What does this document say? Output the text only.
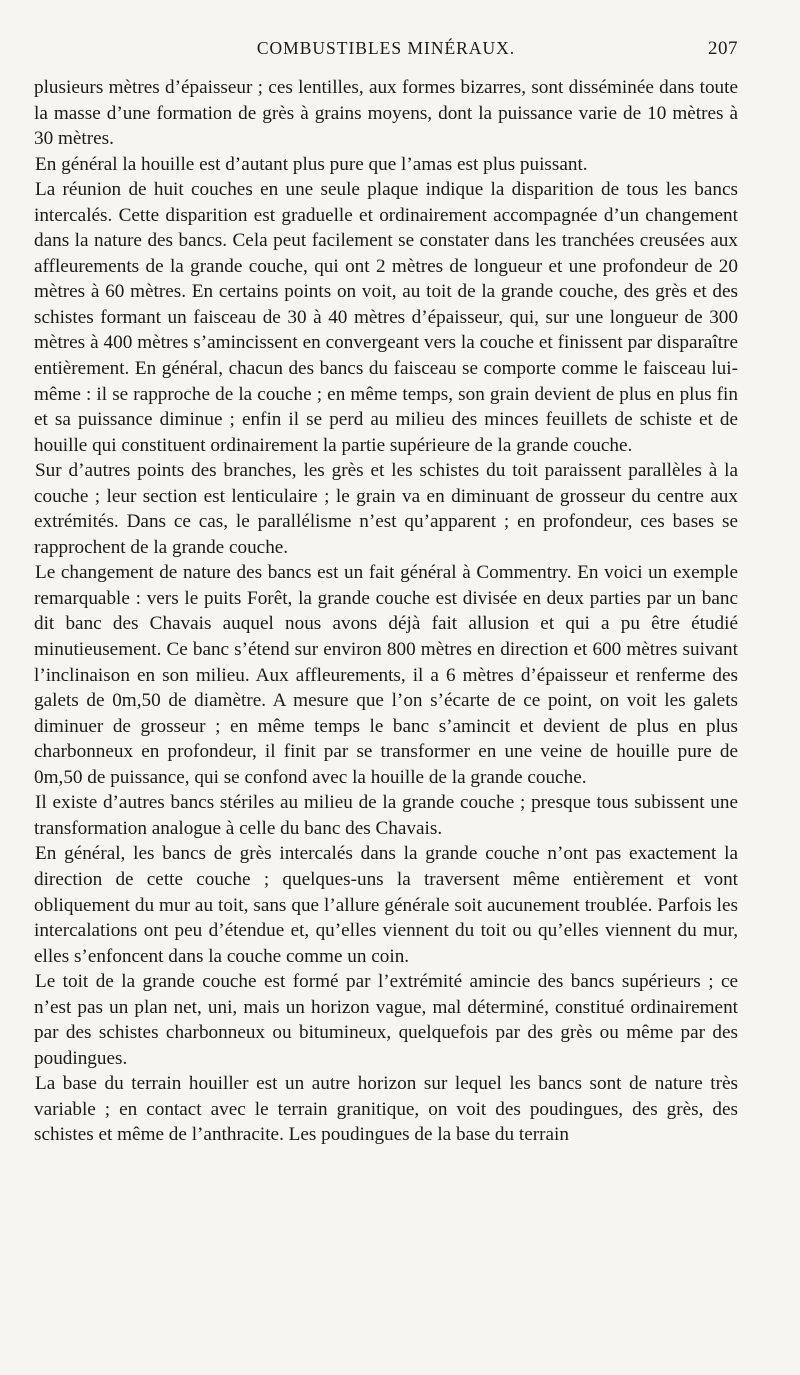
COMBUSTIBLES MINÉRAUX.	207

plusieurs mètres d’épaisseur ; ces lentilles, aux formes bizarres, sont disséminée dans toute la masse d’une formation de grès à grains moyens, dont la puissance varie de 10 mètres à 30 mètres.

En général la houille est d’autant plus pure que l’amas est plus puissant.

La réunion de huit couches en une seule plaque indique la disparition de tous les bancs intercalés. Cette disparition est graduelle et ordinairement accompagnée d’un changement dans la nature des bancs. Cela peut facilement se constater dans les tranchées creusées aux affleurements de la grande couche, qui ont 2 mètres de longueur et une profondeur de 20 mètres à 60 mètres. En certains points on voit, au toit de la grande couche, des grès et des schistes formant un faisceau de 30 à 40 mètres d’épaisseur, qui, sur une longueur de 300 mètres à 400 mètres s’amincissent en convergeant vers la couche et finissent par disparaître entièrement. En général, chacun des bancs du faisceau se comporte comme le faisceau lui-même : il se rapproche de la couche ; en même temps, son grain devient de plus en plus fin et sa puissance diminue ; enfin il se perd au milieu des minces feuillets de schiste et de houille qui constituent ordinairement la partie supérieure de la grande couche.

Sur d’autres points des branches, les grès et les schistes du toit paraissent parallèles à la couche ; leur section est lenticulaire ; le grain va en diminuant de grosseur du centre aux extrémités. Dans ce cas, le parallélisme n’est qu’apparent ; en profondeur, ces bases se rapprochent de la grande couche.

Le changement de nature des bancs est un fait général à Commentry. En voici un exemple remarquable : vers le puits Forêt, la grande couche est divisée en deux parties par un banc dit banc des Chavais auquel nous avons déjà fait allusion et qui a pu être étudié minutieusement. Ce banc s’étend sur environ 800 mètres en direction et 600 mètres suivant l’inclinaison en son milieu. Aux affleurements, il a 6 mètres d’épaisseur et renferme des galets de 0m,50 de diamètre. A mesure que l’on s’écarte de ce point, on voit les galets diminuer de grosseur ; en même temps le banc s’amincit et devient de plus en plus charbonneux en profondeur, il finit par se transformer en une veine de houille pure de 0m,50 de puissance, qui se confond avec la houille de la grande couche.

Il existe d’autres bancs stériles au milieu de la grande couche ; presque tous subissent une transformation analogue à celle du banc des Chavais.

En général, les bancs de grès intercalés dans la grande couche n’ont pas exactement la direction de cette couche ; quelques-uns la traversent même entièrement et vont obliquement du mur au toit, sans que l’allure générale soit aucunement troublée. Parfois les intercalations ont peu d’étendue et, qu’elles viennent du toit ou qu’elles viennent du mur, elles s’enfoncent dans la couche comme un coin.

Le toit de la grande couche est formé par l’extrémité amincie des bancs supérieurs ; ce n’est pas un plan net, uni, mais un horizon vague, mal déterminé, constitué ordinairement par des schistes charbonneux ou bitumineux, quelquefois par des grès ou même par des poudingues.

La base du terrain houiller est un autre horizon sur lequel les bancs sont de nature très variable ; en contact avec le terrain granitique, on voit des poudingues, des grès, des schistes et même de l’anthracite. Les poudingues de la base du terrain
